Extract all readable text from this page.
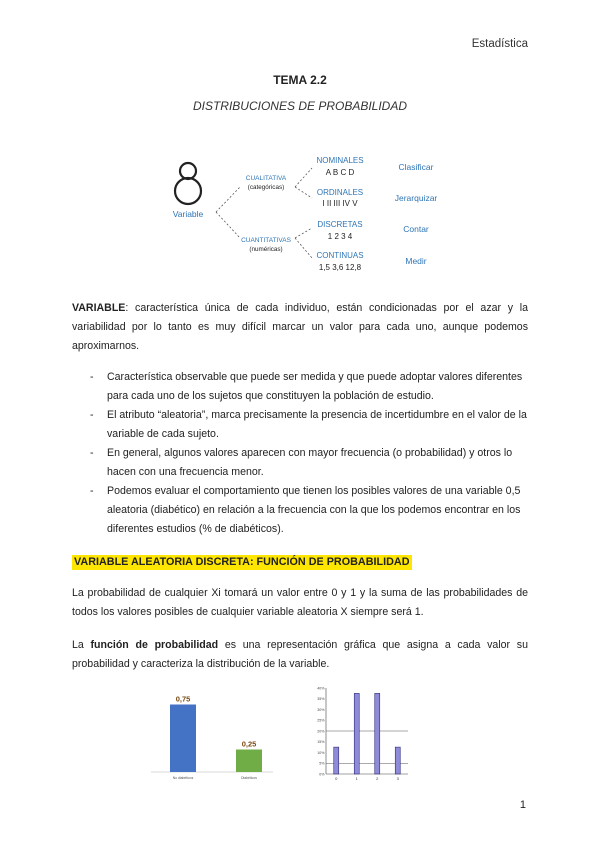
Estadística
TEMA 2.2
DISTRIBUCIONES DE PROBABILIDAD
Variable
CUALITATIVA
(categóricas)
CUANTITATIVAS
(numéricas)
NOMINALES
A B C D
Clasificar
ORDINALES
I II III IV V
Jerarquizar
DISCRETAS
1 2 3 4
Contar
CONTINUAS
1,5 3,6 12,8
Medir
VARIABLE: característica única de cada individuo, están condicionadas por el azar y la variabilidad por lo tanto es muy difícil marcar un valor para cada uno, aunque podemos aproximarnos.
- Característica observable que puede ser medida y que puede adoptar valores diferentes para cada uno de los sujetos que constituyen la población de estudio.
- El atributo “aleatoria”, marca precisamente la presencia de incertidumbre en el valor de la variable de cada sujeto.
- En general, algunos valores aparecen con mayor frecuencia (o probabilidad) y otros lo hacen con una frecuencia menor.
- Podemos evaluar el comportamiento que tienen los posibles valores de una variable 0,5 aleatoria (diabético) en relación a la frecuencia con la que los podemos encontrar en los diferentes estudios (% de diabéticos).
VARIABLE ALEATORIA DISCRETA: FUNCIÓN DE PROBABILIDAD
La probabilidad de cualquier Xi tomará un valor entre 0 y 1 y la suma de las probabilidades de todos los valores posibles de cualquier variable aleatoria X siempre será 1.
La función de probabilidad es una representación gráfica que asigna a cada valor su probabilidad y caracteriza la distribución de la variable.
0,75
No diabéticos
0,25
Diabéticos
0%
5%
10%
15%
20%
25%
30%
35%
40%
0	1	2	3
1
